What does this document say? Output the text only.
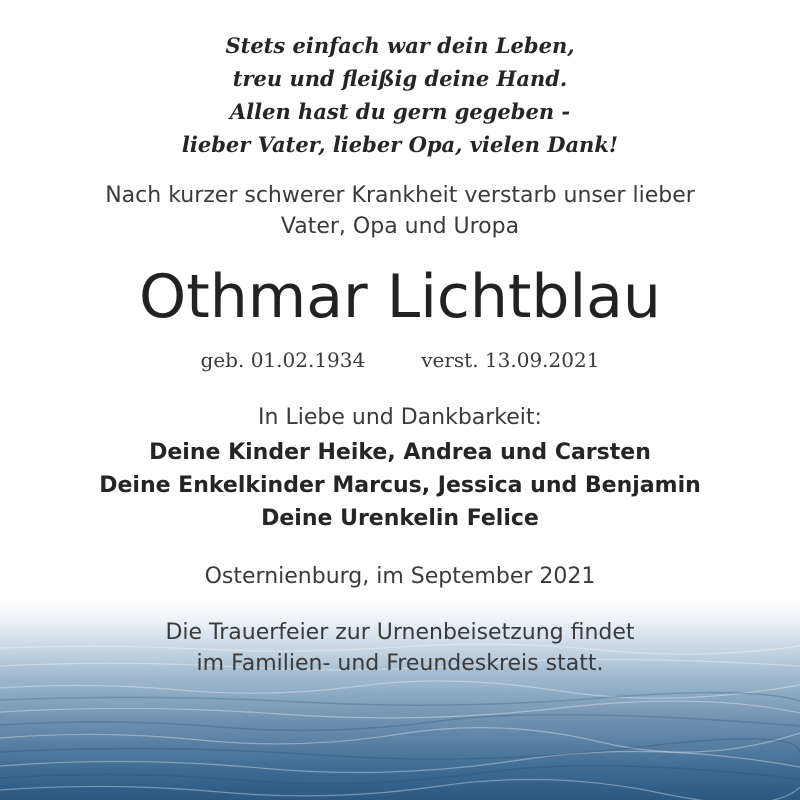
Stets einfach war dein Leben,
treu und fleißig deine Hand.
Allen hast du gern gegeben -
lieber Vater, lieber Opa, vielen Dank!
Nach kurzer schwerer Krankheit verstarb unser lieber
Vater, Opa und Uropa
Othmar Lichtblau
geb. 01.02.1934	verst. 13.09.2021
In Liebe und Dankbarkeit:
Deine Kinder Heike, Andrea und Carsten
Deine Enkelkinder Marcus, Jessica und Benjamin
Deine Urenkelin Felice
Osternienburg, im September 2021
Die Trauerfeier zur Urnenbeisetzung findet
im Familien- und Freundeskreis statt.
